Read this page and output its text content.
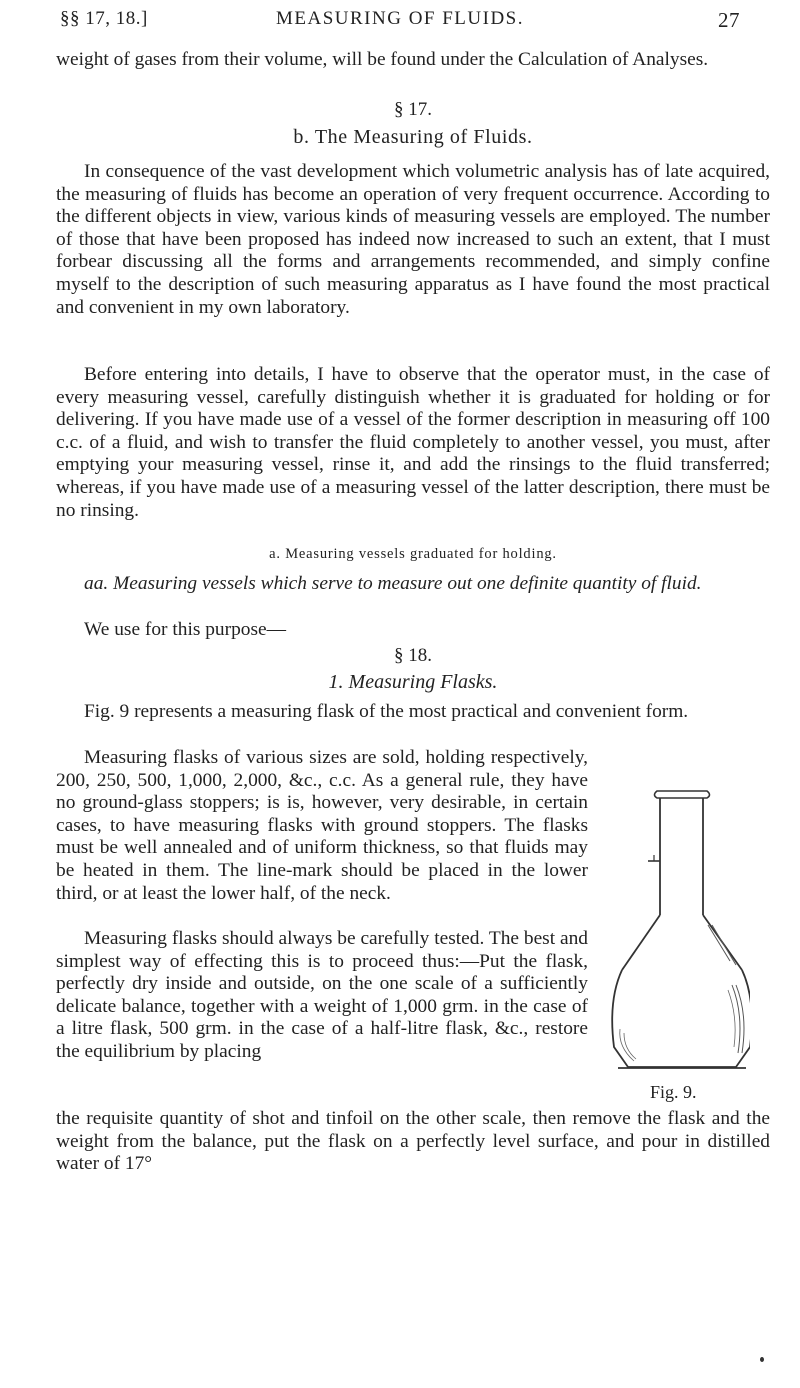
§§ 17, 18.]	MEASURING OF FLUIDS.	27

weight of gases from their volume, will be found under the Calculation of Analyses.

§ 17.

b. The Measuring of Fluids.

In consequence of the vast development which volumetric analysis has of late acquired, the measuring of fluids has become an operation of very frequent occurrence. According to the different objects in view, various kinds of measuring vessels are employed. The number of those that have been proposed has indeed now increased to such an extent, that I must forbear discussing all the forms and arrangements recommended, and simply confine myself to the description of such measuring apparatus as I have found the most practical and convenient in my own laboratory.

Before entering into details, I have to observe that the operator must, in the case of every measuring vessel, carefully distinguish whether it is graduated for holding or for delivering. If you have made use of a vessel of the former description in measuring off 100 c.c. of a fluid, and wish to transfer the fluid completely to another vessel, you must, after emptying your measuring vessel, rinse it, and add the rinsings to the fluid transferred; whereas, if you have made use of a measuring vessel of the latter description, there must be no rinsing.

a. Measuring vessels graduated for holding.

aa. Measuring vessels which serve to measure out one definite quantity of fluid.

We use for this purpose—

§ 18.

1. Measuring Flasks.

Fig. 9 represents a measuring flask of the most practical and convenient form.

Measuring flasks of various sizes are sold, holding respectively, 200, 250, 500, 1,000, 2,000, &c., c.c. As a general rule, they have no ground-glass stoppers; is is, however, very desirable, in certain cases, to have measuring flasks with ground stoppers. The flasks must be well annealed and of uniform thickness, so that fluids may be heated in them. The line-mark should be placed in the lower third, or at least the lower half, of the neck.

Measuring flasks should always be carefully tested. The best and simplest way of effecting this is to proceed thus:—Put the flask, perfectly dry inside and outside, on the one scale of a sufficiently delicate balance, together with a weight of 1,000 grm. in the case of a litre flask, 500 grm. in the case of a half-litre flask, &c., restore the equilibrium by placing

Fig. 9.

the requisite quantity of shot and tinfoil on the other scale, then remove the flask and the weight from the balance, put the flask on a perfectly level surface, and pour in distilled water of 17°
